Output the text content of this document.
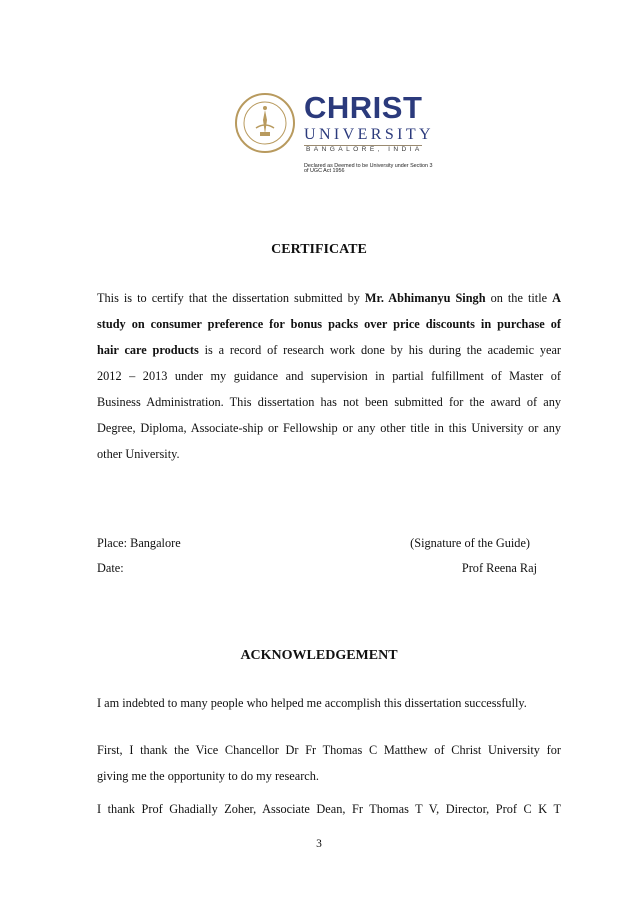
CHRIST
UNIVERSITY
BANGALORE, INDIA
Declared as Deemed to be University under Section 3 of UGC Act 1956
CERTIFICATE
This is to certify that the dissertation submitted by Mr. Abhimanyu Singh on the title A
study on consumer preference for bonus packs over price discounts in purchase of
hair care products is a record of research work done by his during the academic year
2012 – 2013 under my guidance and supervision in partial fulfillment of Master of
Business Administration. This dissertation has not been submitted for the award of any
Degree, Diploma, Associate-ship or Fellowship or any other title in this University or any
other University.
Place: Bangalore	(Signature of the Guide)
Date:	Prof Reena Raj
ACKNOWLEDGEMENT
I am indebted to many people who helped me accomplish this dissertation successfully.
First, I thank the Vice Chancellor Dr Fr Thomas C Matthew of Christ University for
giving me the opportunity to do my research.
I thank Prof Ghadially Zoher, Associate Dean, Fr Thomas T V, Director, Prof C K T
3
